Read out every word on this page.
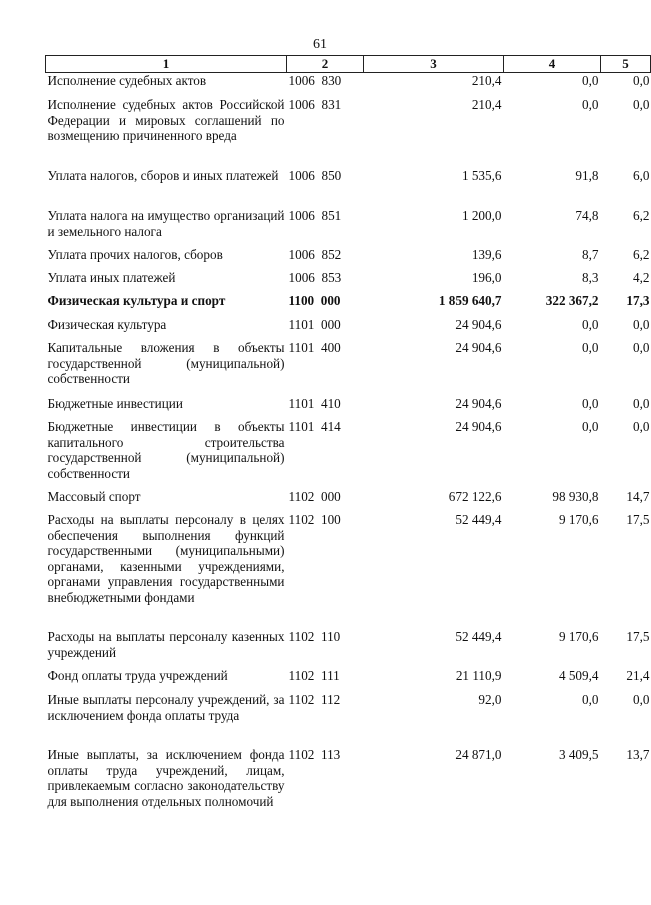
61
1	2	3	4	5
Исполнение судебных актов	1006  830	210,4	0,0	0,0
Исполнение судебных актов Российской Федерации и мировых соглашений по возмещению причиненного вреда	1006  831	210,4	0,0	0,0
Уплата налогов, сборов и иных платежей	1006  850	1 535,6	91,8	6,0
Уплата налога на имущество организаций и земельного налога	1006  851	1 200,0	74,8	6,2
Уплата прочих налогов, сборов	1006  852	139,6	8,7	6,2
Уплата иных платежей	1006  853	196,0	8,3	4,2
Физическая культура и спорт	1100  000	1 859 640,7	322 367,2	17,3
Физическая культура	1101  000	24 904,6	0,0	0,0
Капитальные вложения в объекты государственной (муниципальной) собственности	1101  400	24 904,6	0,0	0,0
Бюджетные инвестиции	1101  410	24 904,6	0,0	0,0
Бюджетные инвестиции в объекты капитального строительства государственной (муниципальной) собственности	1101  414	24 904,6	0,0	0,0
Массовый спорт	1102  000	672 122,6	98 930,8	14,7
Расходы на выплаты персоналу в целях обеспечения выполнения функций государственными (муниципальными) органами, казенными учреждениями, органами управления государственными внебюджетными фондами	1102  100	52 449,4	9 170,6	17,5
Расходы на выплаты персоналу казенных учреждений	1102  110	52 449,4	9 170,6	17,5
Фонд оплаты труда учреждений	1102  111	21 110,9	4 509,4	21,4
Иные выплаты персоналу учреждений, за исключением фонда оплаты труда	1102  112	92,0	0,0	0,0
Иные выплаты, за исключением фонда оплаты труда учреждений, лицам, привлекаемым согласно законодательству для выполнения отдельных полномочий	1102  113	24 871,0	3 409,5	13,7
